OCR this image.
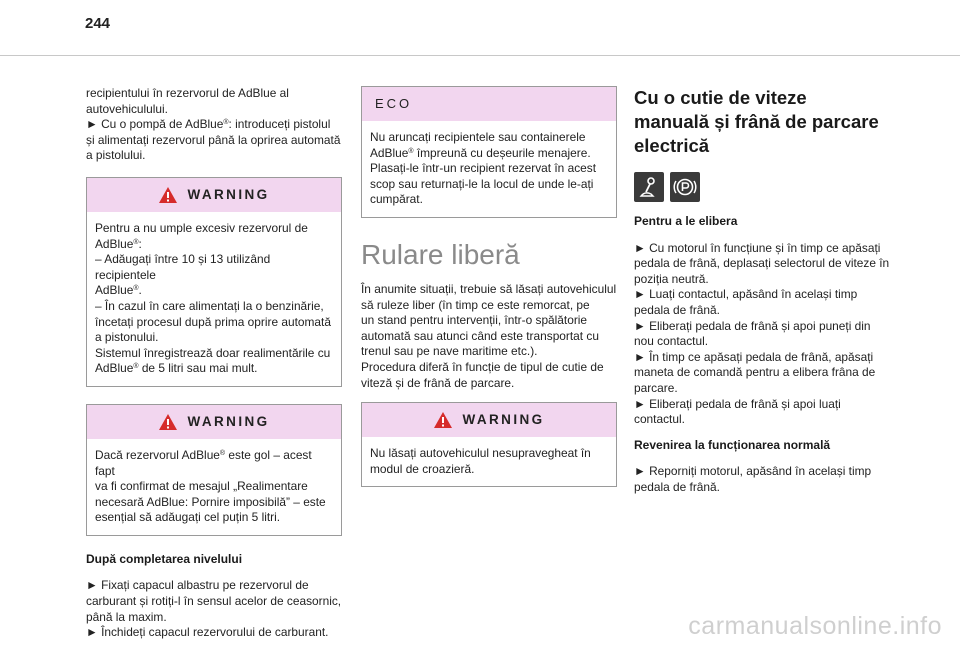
244

recipientului în rezervorul de AdBlue al
autovehiculului.
► Cu o pompă de AdBlue®: introduceți pistolul
și alimentați rezervorul până la oprirea automată
a pistolului.

WARNING

Pentru a nu umple excesiv rezervorul de
AdBlue®:
– Adăugați între 10 și 13 utilizând recipientele
AdBlue®.
– În cazul în care alimentați la o benzinărie,
încetați procesul după prima oprire automată
a pistonului.
Sistemul înregistrează doar realimentările cu
AdBlue® de 5 litri sau mai mult.

WARNING

Dacă rezervorul AdBlue® este gol – acest fapt
va fi confirmat de mesajul „Realimentare
necesară AdBlue: Pornire imposibilă” – este
esențial să adăugați cel puțin 5 litri.

După completarea nivelului

► Fixați capacul albastru pe rezervorul de
carburant și rotiți-l în sensul acelor de ceasornic,
până la maxim.
► Închideți capacul rezervorului de carburant.

ECO

Nu aruncați recipientele sau containerele
AdBlue® împreună cu deșeurile menajere.
Plasați-le într-un recipient rezervat în acest
scop sau returnați-le la locul de unde le-ați
cumpărat.

Rulare liberă

În anumite situații, trebuie să lăsați autovehiculul
să ruleze liber (în timp ce este remorcat, pe
un stand pentru intervenții, într-o spălătorie
automată sau atunci când este transportat cu
trenul sau pe nave maritime etc.).
Procedura diferă în funcție de tipul de cutie de
viteză și de frână de parcare.

WARNING

Nu lăsați autovehiculul nesupravegheat în
modul de croazieră.

Cu o cutie de viteze
manuală și frână de parcare
electrică

Pentru a le elibera

► Cu motorul în funcțiune și în timp ce apăsați
pedala de frână, deplasați selectorul de viteze în
poziția neutră.
► Luați contactul, apăsând în același timp
pedala de frână.
► Eliberați pedala de frână și apoi puneți din
nou contactul.
► În timp ce apăsați pedala de frână, apăsați
maneta de comandă pentru a elibera frâna de
parcare.
► Eliberați pedala de frână și apoi luați
contactul.

Revenirea la funcționarea normală

► Reporniți motorul, apăsând în același timp
pedala de frână.

carmanualsonline.info
